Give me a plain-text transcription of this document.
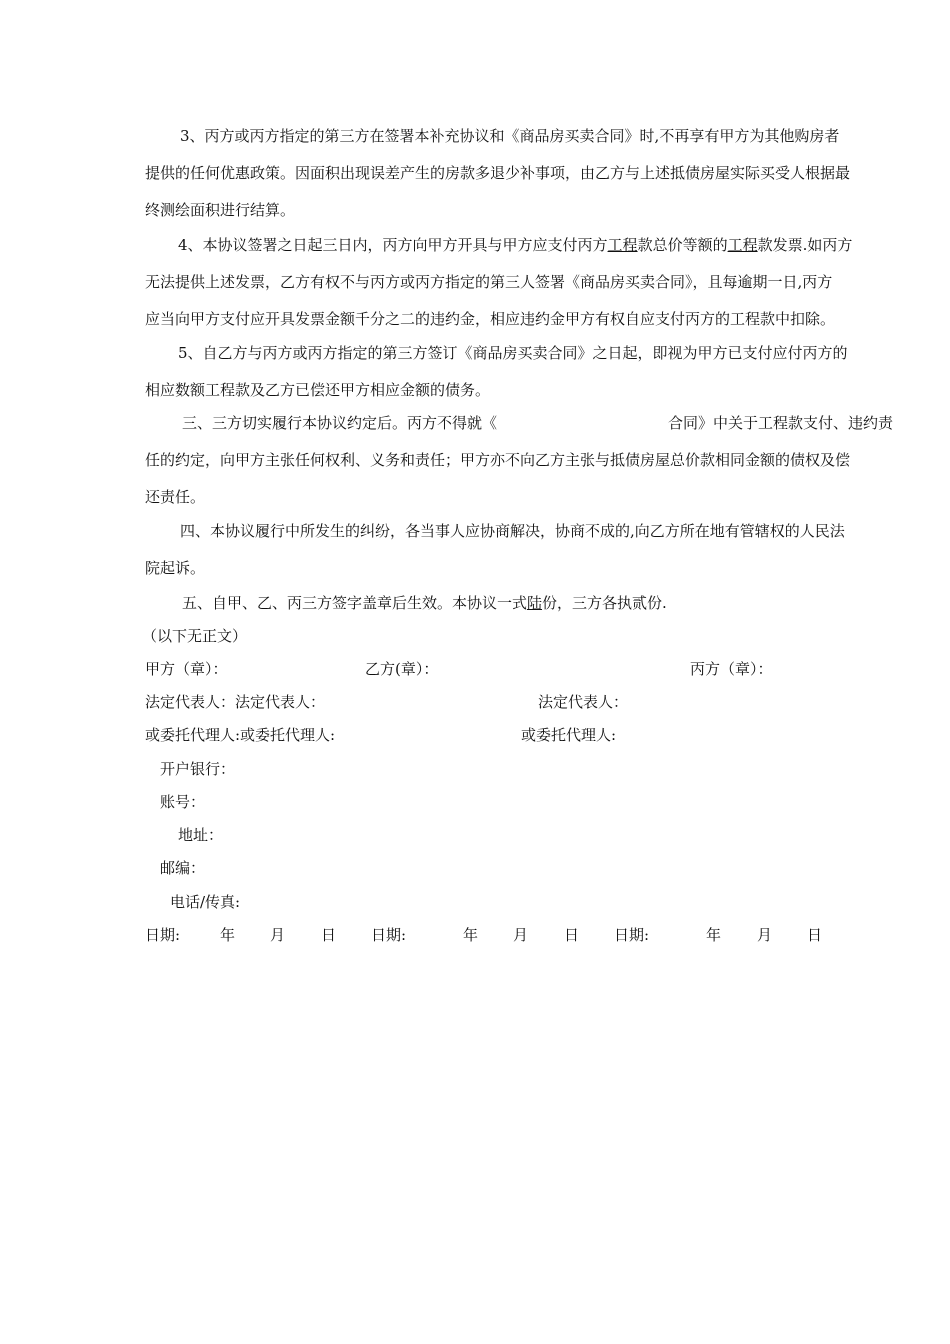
3、丙方或丙方指定的第三方在签署本补充协议和《商品房买卖合同》时,不再享有甲方为其他购房者
提供的任何优惠政策。因面积出现误差产生的房款多退少补事项，由乙方与上述抵债房屋实际买受人根据最
终测绘面积进行结算。
4、本协议签署之日起三日内，丙方向甲方开具与甲方应支付丙方工程款总价等额的工程款发票.如丙方
无法提供上述发票，乙方有权不与丙方或丙方指定的第三人签署《商品房买卖合同》，且每逾期一日,丙方
应当向甲方支付应开具发票金额千分之二的违约金，相应违约金甲方有权自应支付丙方的工程款中扣除。
5、自乙方与丙方或丙方指定的第三方签订《商品房买卖合同》之日起，即视为甲方已支付应付丙方的
相应数额工程款及乙方已偿还甲方相应金额的债务。
三、三方切实履行本协议约定后。丙方不得就《	合同》中关于工程款支付、违约责
任的约定，向甲方主张任何权利、义务和责任；甲方亦不向乙方主张与抵债房屋总价款相同金额的债权及偿
还责任。
四、本协议履行中所发生的纠纷，各当事人应协商解决，协商不成的,向乙方所在地有管辖权的人民法
院起诉。
五、自甲、乙、丙三方签字盖章后生效。本协议一式陆份，三方各执贰份.
（以下无正文）
甲方（章）：	乙方(章）：	丙方（章）：
法定代表人：法定代表人：	法定代表人：
或委托代理人:或委托代理人:	或委托代理人:
开户银行：
账号：
地址：
邮编：
电话/传真:
日期:	年 月 日 日期:	年 月 日 日期:	年 月 日
